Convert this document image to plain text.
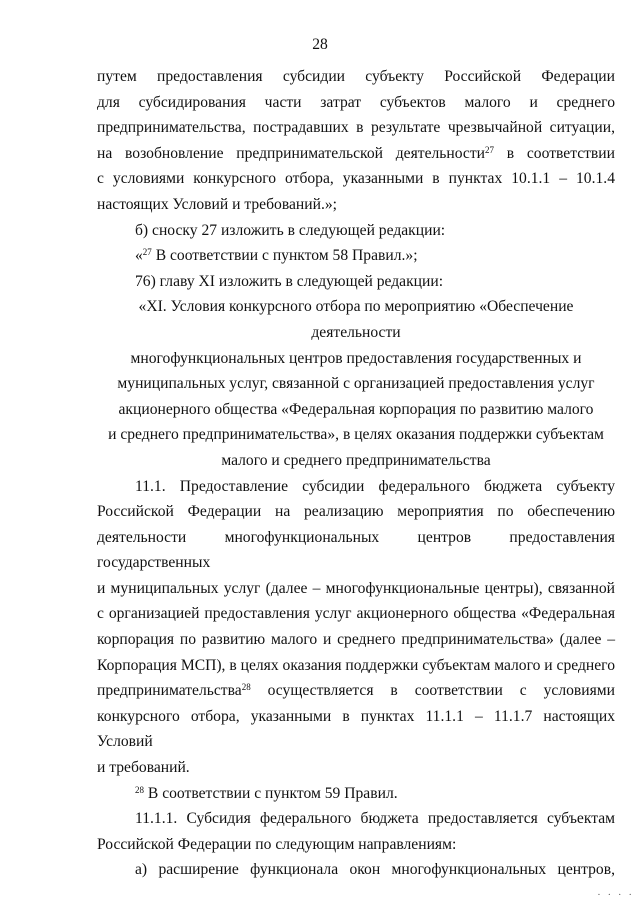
28

путем предоставления субсидии субъекту Российской Федерации

для субсидирования части затрат субъектов малого и среднего

предпринимательства, пострадавших в результате чрезвычайной ситуации,

на возобновление предпринимательской деятельности$^{27}$ в соответствии

с условиями конкурсного отбора, указанными в пунктах 10.1.1 – 10.1.4

настоящих Условий и требований.»;

б) сноску 27 изложить в следующей редакции:

«$^{27}$ В соответствии с пунктом 58 Правил.»;

76) главу XI изложить в следующей редакции:

«XI. Условия конкурсного отбора по мероприятию «Обеспечение деятельности
многофункциональных центров предоставления государственных и
муниципальных услуг, связанной с организацией предоставления услуг
акционерного общества «Федеральная корпорация по развитию малого
и среднего предпринимательства», в целях оказания поддержки субъектам
малого и среднего предпринимательства

11.1. Предоставление субсидии федерального бюджета субъекту

Российской Федерации на реализацию мероприятия по обеспечению

деятельности многофункциональных центров предоставления государственных

и муниципальных услуг (далее – многофункциональные центры), связанной

с организацией предоставления услуг акционерного общества «Федеральная

корпорация по развитию малого и среднего предпринимательства» (далее –

Корпорация МСП), в целях оказания поддержки субъектам малого и среднего

предпринимательства$^{28}$ осуществляется в соответствии с условиями

конкурсного отбора, указанными в пунктах 11.1.1 – 11.1.7 настоящих Условий

и требований.

$^{28}$ В соответствии с пунктом 59 Правил.

11.1.1. Субсидия федерального бюджета предоставляется субъектам

Российской Федерации по следующим направлениям:

а) расширение функционала окон многофункциональных центров,

· · · ·
